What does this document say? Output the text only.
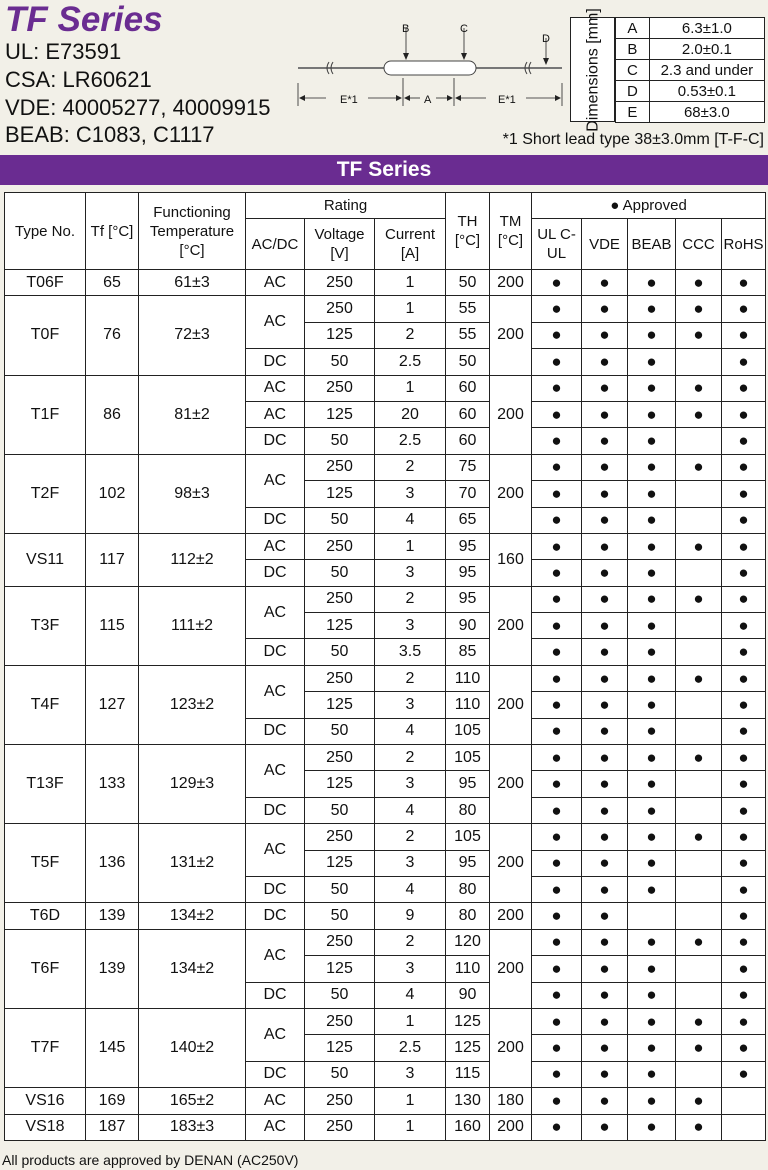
TF Series
UL: E73591
CSA: LR60621
VDE: 40005277, 40009915
BEAB: C1083, C1117
B	C
D
A
E*1	E*1	Dimensions [mm] A	6.3±1.0
B	2.0±0.1
C	2.3 and under
D	0.53±0.1
E	68±3.0
*1 Short lead type 38±3.0mm [T-F-C]
TF Series
Type No.	Tf [°C]	Functioning Temperature [°C]	Rating			TH [°C]	TM [°C]	● Approved				
			AC/DC	Voltage [V]	Current [A]			UL C-UL	VDE	BEAB	CCC	RoHS
T06F	65	61±3	AC	250	1	50	200	●	●	●	●	●
T0F	76	72±3	AC	250	1	55	200	●	●	●	●	●
				125	2	55		●	●	●	●	●
			DC	50	2.5	50		●	●	●		●
T1F	86	81±2	AC	250	1	60	200	●	●	●	●	●
			AC	125	20	60		●	●	●	●	●
			DC	50	2.5	60		●	●	●		●
T2F	102	98±3	AC	250	2	75	200	●	●	●	●	●
				125	3	70		●	●	●		●
			DC	50	4	65		●	●	●		●
VS11	117	112±2	AC	250	1	95	160	●	●	●	●	●
			DC	50	3	95		●	●	●		●
T3F	115	111±2	AC	250	2	95	200	●	●	●	●	●
				125	3	90		●	●	●		●
			DC	50	3.5	85		●	●	●		●
T4F	127	123±2	AC	250	2	110	200	●	●	●	●	●
				125	3	110		●	●	●		●
			DC	50	4	105		●	●	●		●
T13F	133	129±3	AC	250	2	105	200	●	●	●	●	●
				125	3	95		●	●	●		●
			DC	50	4	80		●	●	●		●
T5F	136	131±2	AC	250	2	105	200	●	●	●	●	●
				125	3	95		●	●	●		●
			DC	50	4	80		●	●	●		●
T6D	139	134±2	DC	50	9	80	200	●	●			●
T6F	139	134±2	AC	250	2	120	200	●	●	●	●	●
				125	3	110		●	●	●		●
			DC	50	4	90		●	●	●		●
T7F	145	140±2	AC	250	1	125	200	●	●	●	●	●
				125	2.5	125		●	●	●	●	●
			DC	50	3	115		●	●	●		●
VS16	169	165±2	AC	250	1	130	180	●	●	●	●	
VS18	187	183±3	AC	250	1	160	200	●	●	●	●	
All products are approved by DENAN (AC250V)
